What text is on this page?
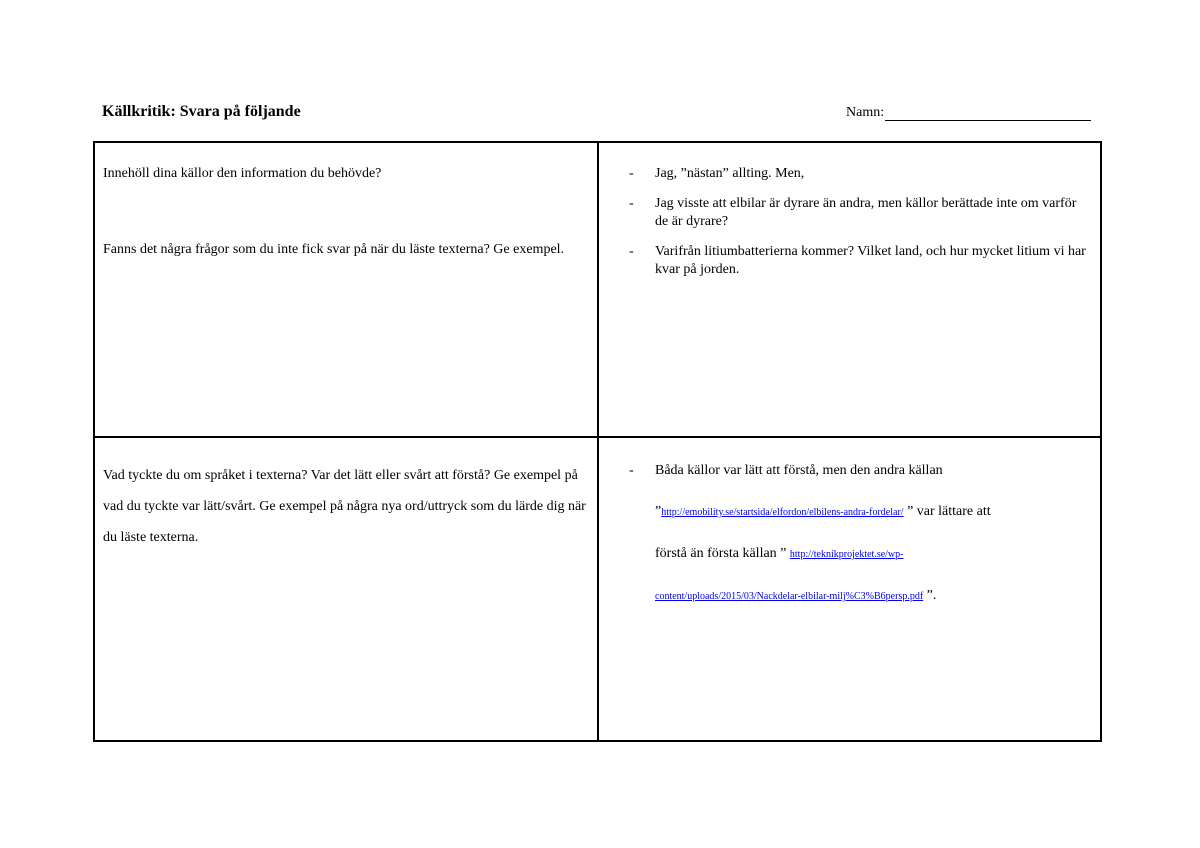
Källkritik: Svara på följande	Namn:

Innehöll dina källor den information du behövde?

Fanns det några frågor som du inte fick svar på när du läste texterna? Ge exempel.

- Jag, ”nästan” allting. Men,
- Jag visste att elbilar är dyrare än andra, men källor berättade inte om varför de är dyrare?
- Varifrån litiumbatterierna kommer? Vilket land, och hur mycket litium vi har kvar på jorden.

Vad tyckte du om språket i texterna? Var det lätt eller svårt att förstå? Ge exempel på vad du tyckte var lätt/svårt. Ge exempel på några nya ord/uttryck som du lärde dig när du läste texterna.

- Båda källor var lätt att förstå, men den andra källan
”http://emobility.se/startsida/elfordon/elbilens-andra-fordelar/ ” var lättare att
förstå än första källan ” http://teknikprojektet.se/wp-
content/uploads/2015/03/Nackdelar-elbilar-milj%C3%B6persp.pdf ”.
